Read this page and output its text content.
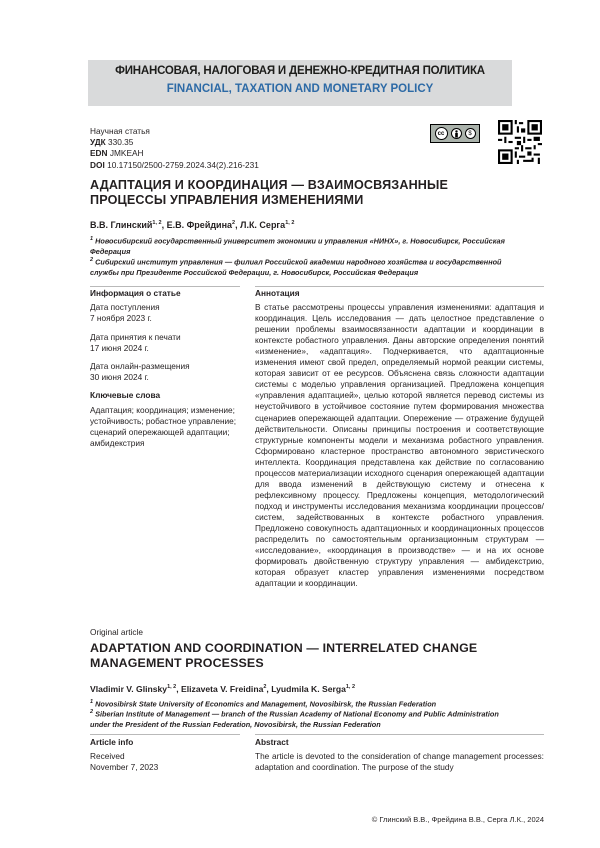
ФИНАНСОВАЯ, НАЛОГОВАЯ И ДЕНЕЖНО-КРЕДИТНАЯ ПОЛИТИКА
FINANCIAL, TAXATION AND MONETARY POLICY
Научная статья
УДК 330.35
EDN JMKEAH
DOI 10.17150/2500-2759.2024.34(2).216-231
cc	$
АДАПТАЦИЯ И КООРДИНАЦИЯ — ВЗАИМОСВЯЗАННЫЕ ПРОЦЕССЫ УПРАВЛЕНИЯ ИЗМЕНЕНИЯМИ
В.В. Глинский$^{1, 2}$, Е.В. Фрейдина$^2$, Л.К. Серга$^{1, 2}$
$^1$ Новосибирский государственный университет экономики и управления «НИНХ», г. Новосибирск, Российская Федерация
$^2$ Сибирский институт управления — филиал Российской академии народного хозяйства и государственной службы при Президенте Российской Федерации, г. Новосибирск, Российская Федерация
Информация о статье

Дата поступления
7 ноября 2023 г.

Дата принятия к печати
17 июня 2024 г.

Дата онлайн-размещения
30 июня 2024 г.

Ключевые слова

Адаптация; координация; изменение; устойчивость; робастное управление; сценарий опережающей адаптации; амбидекстрия

Аннотация

В статье рассмотрены процессы управления изменениями: адаптация и координация. Цель исследования — дать целостное представление о решении проблемы взаимосвязанности адаптации и координации в контексте робастного управления. Даны авторские определения понятий «изменение», «адаптация». Подчеркивается, что адаптационные изменения имеют свой предел, определяемый нормой реакции системы, которая зависит от ее ресурсов. Объяснена связь сложности адаптации системы с моделью управления организацией. Предложена концепция «управления адаптацией», целью которой является перевод системы из неустойчивого в устойчивое состояние путем формирования множества сценариев опережающей адаптации. Опережение — отражение будущей действительности. Описаны принципы построения и соответствующие структурные компоненты модели и механизма робастного управления. Сформировано кластерное пространство автономного эвристического интеллекта. Координация представлена как действие по согласованию процессов материализации исходного сценария опережающей адаптации для ввода изменений в действующую систему и отнесена к рефлексивному процессу. Предложены концепция, методологический подход и инструменты исследования механизма координации процессов/систем, задействованных в контексте робастного управления. Предложено совокупность адаптационных и координационных процессов распределить по самостоятельным организационным структурам — «исследование», «координация в производстве» — и на их основе формировать двойственную структуру управления — амбидекстрию, которая образует кластер управления изменениями посредством адаптации и координации.

Original article
ADAPTATION AND COORDINATION — INTERRELATED CHANGE MANAGEMENT PROCESSES
Vladimir V. Glinsky$^{1, 2}$, Elizaveta V. Freidina$^2$, Lyudmila K. Serga$^{1, 2}$
$^1$ Novosibirsk State University of Economics and Management, Novosibirsk, the Russian Federation
$^2$ Siberian Institute of Management — branch of the Russian Academy of National Economy and Public Administration under the President of the Russian Federation, Novosibirsk, the Russian Federation
Article info

Received
November 7, 2023

Abstract

The article is devoted to the consideration of change management processes: adaptation and coordination. The purpose of the study

© Глинский В.В., Фрейдина В.В., Серга Л.К., 2024
